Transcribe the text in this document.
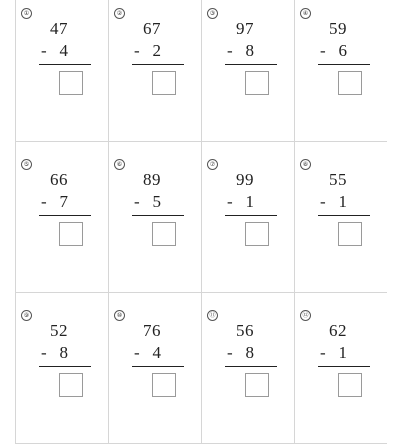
①
47
- 4
②
67
- 2
③
97
- 8
④
59
- 6
⑤
66
- 7
⑥
89
- 5
⑦
99
- 1
⑧
55
- 1
⑨
52
- 8
⑩
76
- 4
⑪
56
- 8
⑫
62
- 1
